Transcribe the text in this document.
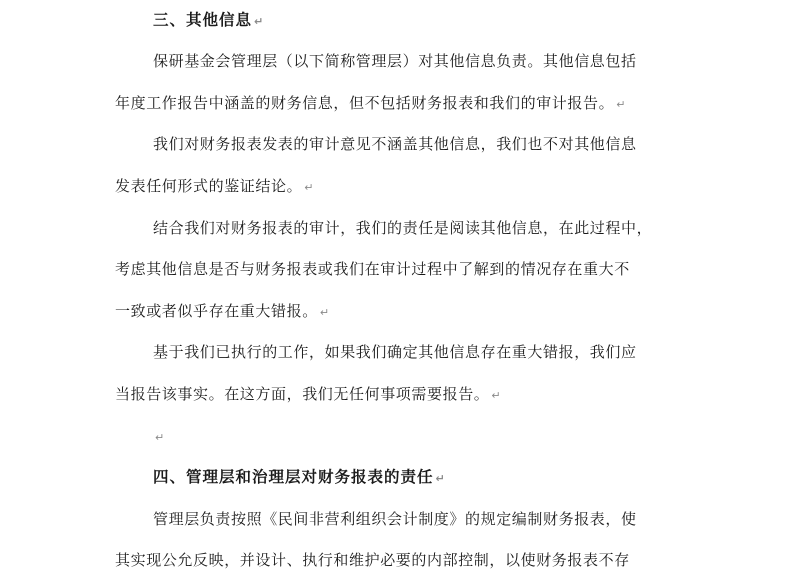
三、其他信息 ↵
保研基金会管理层（以下简称管理层）对其他信息负责。其他信息包括
年度工作报告中涵盖的财务信息，但不包括财务报表和我们的审计报告。 ↵
我们对财务报表发表的审计意见不涵盖其他信息，我们也不对其他信息
发表任何形式的鉴证结论。 ↵
结合我们对财务报表的审计，我们的责任是阅读其他信息，在此过程中，
考虑其他信息是否与财务报表或我们在审计过程中了解到的情况存在重大不
一致或者似乎存在重大错报。 ↵
基于我们已执行的工作，如果我们确定其他信息存在重大错报，我们应
当报告该事实。在这方面，我们无任何事项需要报告。 ↵
↵
四、管理层和治理层对财务报表的责任 ↵
管理层负责按照《民间非营利组织会计制度》的规定编制财务报表，使
其实现公允反映，并设计、执行和维护必要的内部控制，以使财务报表不存
